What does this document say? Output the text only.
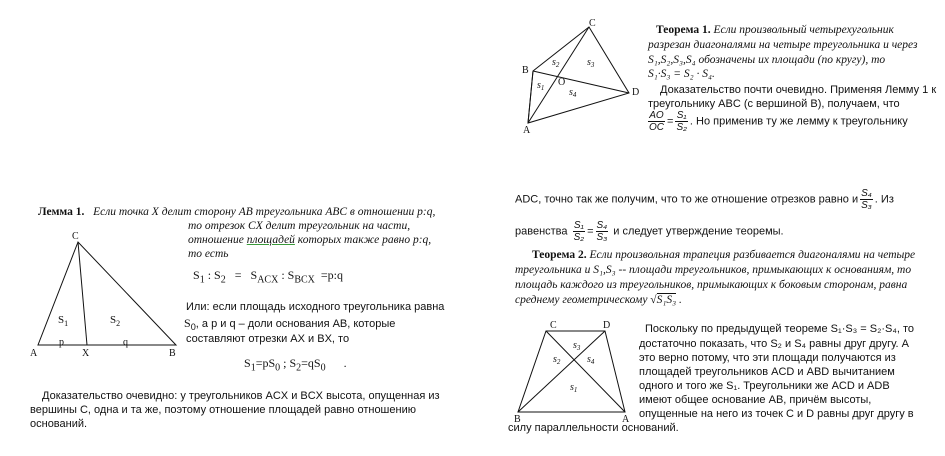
C
B
D
A
O
$s_1$
$s_2$	$s_3$
$s_4$
Теорема 1. Если произвольный четырехугольник
разрезан диагоналями на четыре треугольника и через
S₁,S₂,S₃,S₄ обозначены их площади (по кругу), то
S₁·S₃ = S₂ · S₄.
Доказательство почти очевидно. Применяя Лемму 1 к
треугольнику ABC (с вершиной B), получаем, что
$\frac{AO}{OC} = \frac{\text{S₁}}{\text{S₂}}$ . Но применив ту же лемму к треугольнику
ADC, точно так же получим, что то же отношение отрезков равно и $\frac{\text{S₄}}{\text{S₃}}$ . Из
равенства $\frac{\text{S₁}}{\text{S₂}} = \frac{\text{S₄}}{\text{S₃}}$ и следует утверждение теоремы.
Теорема 2. Если произвольная трапеция разбивается диагоналями на четыре
треугольника и S₁,S₃ -- площади треугольников, примыкающих к основаниям, то
площадь каждого из треугольников, примыкающих к боковым сторонам, равна
среднему геометрическому √S₁S₃ .
C	D
B	A
$s_3$
$s_2$	$s_4$
$s_1$
Поскольку по предыдущей теореме S₁·S₃ = S₂·S₄, то
достаточно показать, что S₂ и S₄ равны друг другу. А
это верно потому, что эти площади получаются из
площадей треугольников ACD и ABD вычитанием
одного и того же S₁. Треугольники же ACD и ADB
имеют общее основание AB, причём высоты,
опущенные на него из точек C и D равны друг другу в
силу параллельности оснований.
Лемма 1. Если точка X делит сторону AB треугольника ABC в отношении p:q,
то отрезок CX делит треугольник на части,
отношение площадей которых также равно p:q,
то есть
$S_1$ : $S_2 = S_{ACX}$ : $S_{BCX}$ =p:q
Или: если площадь исходного треугольника равна
$S_0$, а р и q – доли основания AB, которые
составляют отрезки AX и BX, то
$S_1=pS_0$ ; $S_2=qS_0$ .
C
A	X	B
p	q
$S_1$	$S_2$
Доказательство очевидно: у треугольников ACX и BCX высота, опущенная из
вершины C, одна и та же, поэтому отношение площадей равно отношению
оснований.
